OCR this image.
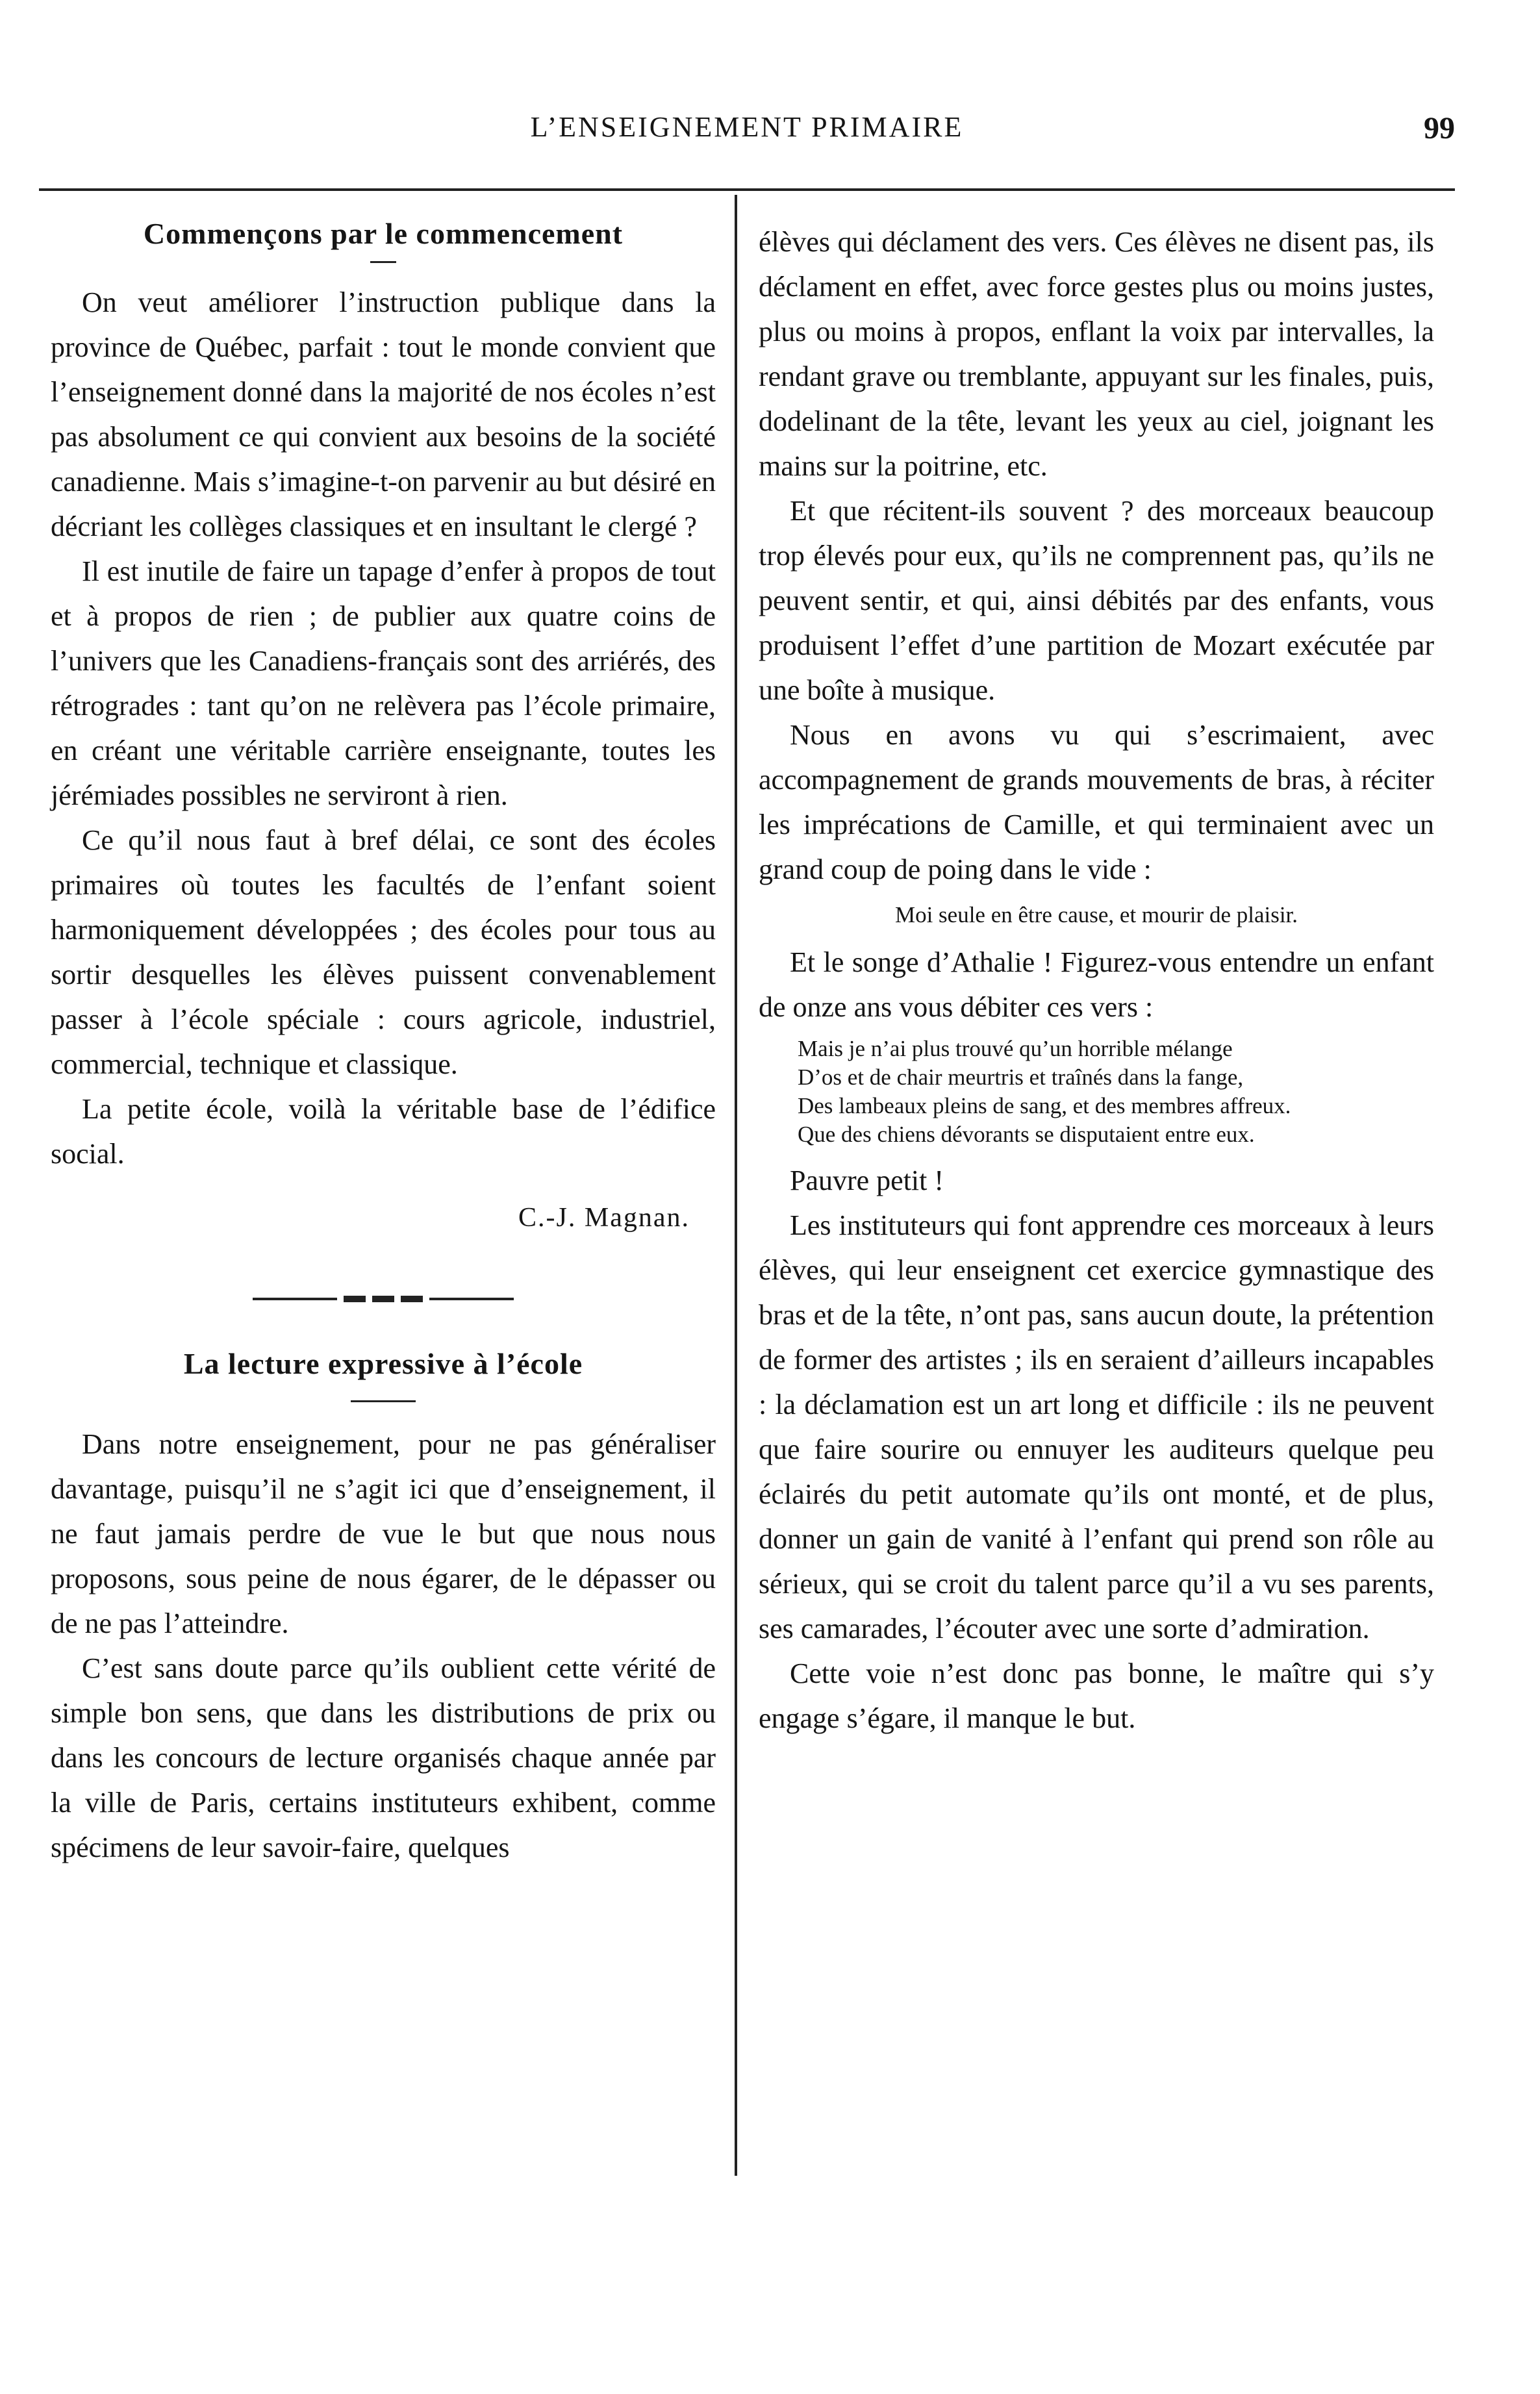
L’ENSEIGNEMENT PRIMAIRE	99
Commençons par le commencement

On veut améliorer l’instruction publique dans la province de Québec, parfait : tout le monde convient que l’enseignement donné dans la majorité de nos écoles n’est pas absolument ce qui convient aux besoins de la société canadienne. Mais s’imagine-t-on parvenir au but désiré en décriant les collèges classiques et en insultant le clergé ?

Il est inutile de faire un tapage d’enfer à propos de tout et à propos de rien ; de publier aux quatre coins de l’univers que les Canadiens-français sont des arriérés, des rétrogrades : tant qu’on ne relèvera pas l’école primaire, en créant une véritable carrière enseignante, toutes les jérémiades possibles ne serviront à rien.

Ce qu’il nous faut à bref délai, ce sont des écoles primaires où toutes les facultés de l’enfant soient harmoniquement développées ; des écoles pour tous au sortir desquelles les élèves puissent convenablement passer à l’école spéciale : cours agricole, industriel, commercial, technique et classique.

La petite école, voilà la véritable base de l’édifice social.

C.-J. Magnan.
La lecture expressive à l’école

Dans notre enseignement, pour ne pas généraliser davantage, puisqu’il ne s’agit ici que d’enseignement, il ne faut jamais perdre de vue le but que nous nous proposons, sous peine de nous égarer, de le dépasser ou de ne pas l’atteindre.

C’est sans doute parce qu’ils oublient cette vérité de simple bon sens, que dans les distributions de prix ou dans les concours de lecture organisés chaque année par la ville de Paris, certains instituteurs exhibent, comme spécimens de leur savoir-faire, quelques

élèves qui déclament des vers. Ces élèves ne disent pas, ils déclament en effet, avec force gestes plus ou moins justes, plus ou moins à propos, enflant la voix par intervalles, la rendant grave ou tremblante, appuyant sur les finales, puis, dodelinant de la tête, levant les yeux au ciel, joignant les mains sur la poitrine, etc.

Et que récitent-ils souvent ? des morceaux beaucoup trop élevés pour eux, qu’ils ne comprennent pas, qu’ils ne peuvent sentir, et qui, ainsi débités par des enfants, vous produisent l’effet d’une partition de Mozart exécutée par une boîte à musique.

Nous en avons vu qui s’escrimaient, avec accompagnement de grands mouvements de bras, à réciter les imprécations de Camille, et qui terminaient avec un grand coup de poing dans le vide :

Moi seule en être cause, et mourir de plaisir.

Et le songe d’Athalie ! Figurez-vous entendre un enfant de onze ans vous débiter ces vers :

Mais je n’ai plus trouvé qu’un horrible mélange
D’os et de chair meurtris et traînés dans la fange,
Des lambeaux pleins de sang, et des membres affreux.
Que des chiens dévorants se disputaient entre eux.

Pauvre petit !

Les instituteurs qui font apprendre ces morceaux à leurs élèves, qui leur enseignent cet exercice gymnastique des bras et de la tête, n’ont pas, sans aucun doute, la prétention de former des artistes ; ils en seraient d’ailleurs incapables : la déclamation est un art long et difficile : ils ne peuvent que faire sourire ou ennuyer les auditeurs quelque peu éclairés du petit automate qu’ils ont monté, et de plus, donner un gain de vanité à l’enfant qui prend son rôle au sérieux, qui se croit du talent parce qu’il a vu ses parents, ses camarades, l’écouter avec une sorte d’admiration.

Cette voie n’est donc pas bonne, le maître qui s’y engage s’égare, il manque le but.
